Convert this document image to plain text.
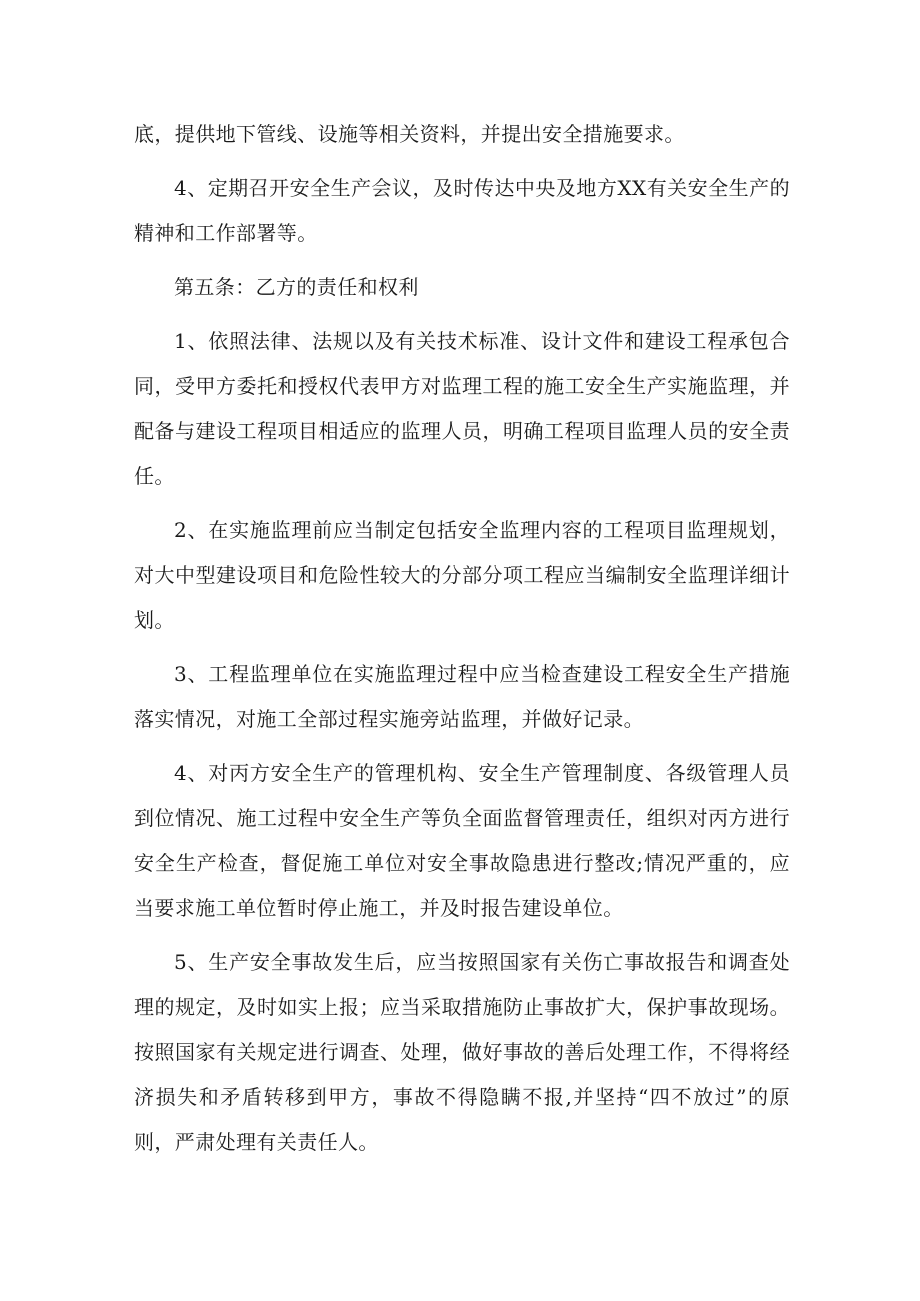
底，提供地下管线、设施等相关资料，并提出安全措施要求。

4、定期召开安全生产会议，及时传达中央及地方XX有关安全生产的精神和工作部署等。

第五条：乙方的责任和权利

1、依照法律、法规以及有关技术标准、设计文件和建设工程承包合同，受甲方委托和授权代表甲方对监理工程的施工安全生产实施监理，并配备与建设工程项目相适应的监理人员，明确工程项目监理人员的安全责任。

2、在实施监理前应当制定包括安全监理内容的工程项目监理规划，对大中型建设项目和危险性较大的分部分项工程应当编制安全监理详细计划。

3、工程监理单位在实施监理过程中应当检查建设工程安全生产措施落实情况，对施工全部过程实施旁站监理，并做好记录。

4、对丙方安全生产的管理机构、安全生产管理制度、各级管理人员到位情况、施工过程中安全生产等负全面监督管理责任，组织对丙方进行安全生产检查，督促施工单位对安全事故隐患进行整改;情况严重的，应当要求施工单位暂时停止施工，并及时报告建设单位。

5、生产安全事故发生后，应当按照国家有关伤亡事故报告和调查处理的规定，及时如实上报；应当采取措施防止事故扩大，保护事故现场。按照国家有关规定进行调查、处理，做好事故的善后处理工作，不得将经济损失和矛盾转移到甲方，事故不得隐瞒不报,并坚持“四不放过”的原则，严肃处理有关责任人。
